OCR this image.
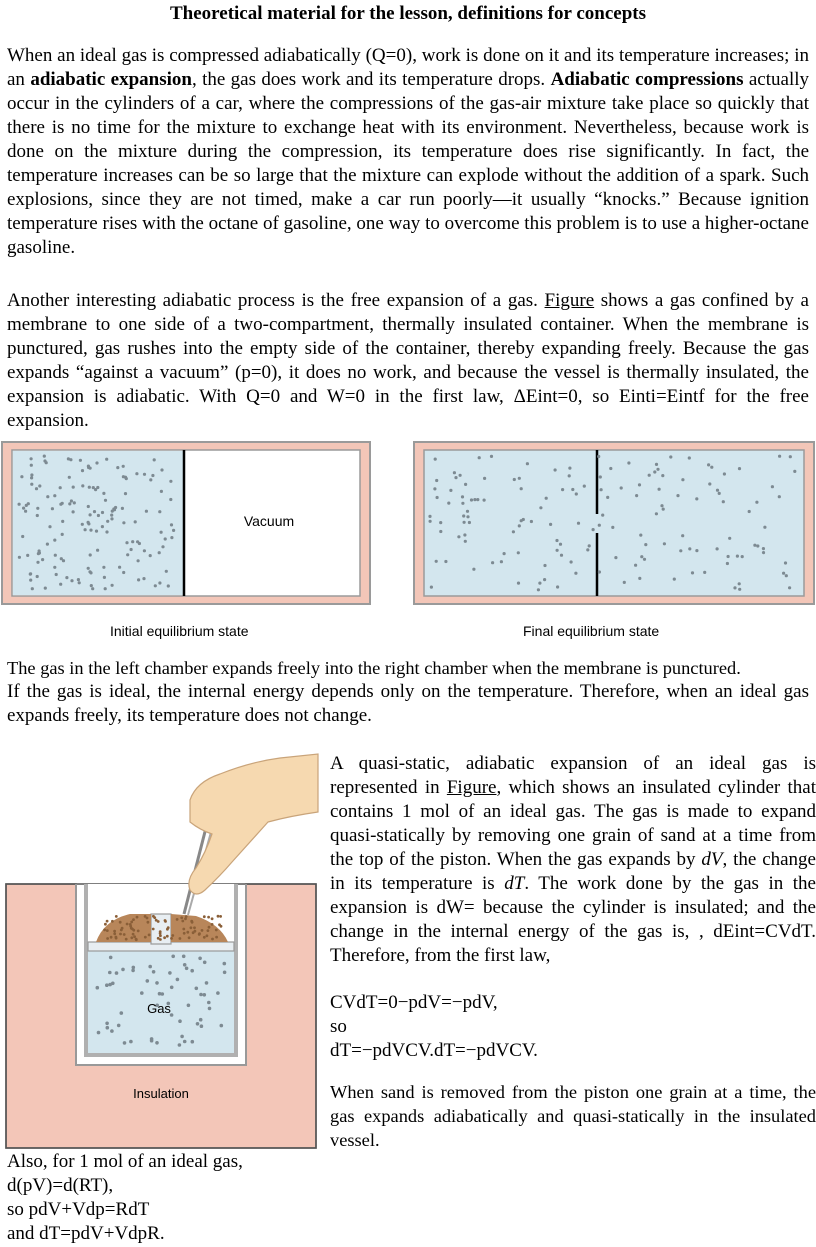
Theoretical material for the lesson, definitions for concepts

When an ideal gas is compressed adiabatically (Q=0), work is done on it and its temperature increases; in an adiabatic expansion, the gas does work and its temperature drops. Adiabatic compressions actually occur in the cylinders of a car, where the compressions of the gas-air mixture take place so quickly that there is no time for the mixture to exchange heat with its environment. Nevertheless, because work is done on the mixture during the compression, its temperature does rise significantly. In fact, the temperature increases can be so large that the mixture can explode without the addition of a spark. Such explosions, since they are not timed, make a car run poorly—it usually “knocks.” Because ignition temperature rises with the octane of gasoline, one way to overcome this problem is to use a higher-octane gasoline.

Another interesting adiabatic process is the free expansion of a gas. Figure shows a gas confined by a membrane to one side of a two-compartment, thermally insulated container. When the membrane is punctured, gas rushes into the empty side of the container, thereby expanding freely. Because the gas expands “against a vacuum” (p=0), it does no work, and because the vessel is thermally insulated, the expansion is adiabatic. With Q=0 and W=0 in the first law, ΔEint=0, so Einti=Eintf for the free expansion.

Vacuum
Initial equilibrium state	Final equilibrium state

The gas in the left chamber expands freely into the right chamber when the membrane is punctured.

If the gas is ideal, the internal energy depends only on the temperature. Therefore, when an ideal gas expands freely, its temperature does not change.

Gas
Insulation

A quasi-static, adiabatic expansion of an ideal gas is represented in Figure, which shows an insulated cylinder that contains 1 mol of an ideal gas. The gas is made to expand quasi-statically by removing one grain of sand at a time from the top of the piston. When the gas expands by dV, the change in its temperature is dT. The work done by the gas in the expansion is dW= because the cylinder is insulated; and the change in the internal energy of the gas is, , dEint=CVdT. Therefore, from the first law,

CVdT=0−pdV=−pdV,

so

dT=−pdVCV.dT=−pdVCV.

When sand is removed from the piston one grain at a time, the gas expands adiabatically and quasi-statically in the insulated vessel.

Also, for 1 mol of an ideal gas,
d(pV)=d(RT),
so pdV+Vdp=RdT
and dT=pdV+VdpR.
